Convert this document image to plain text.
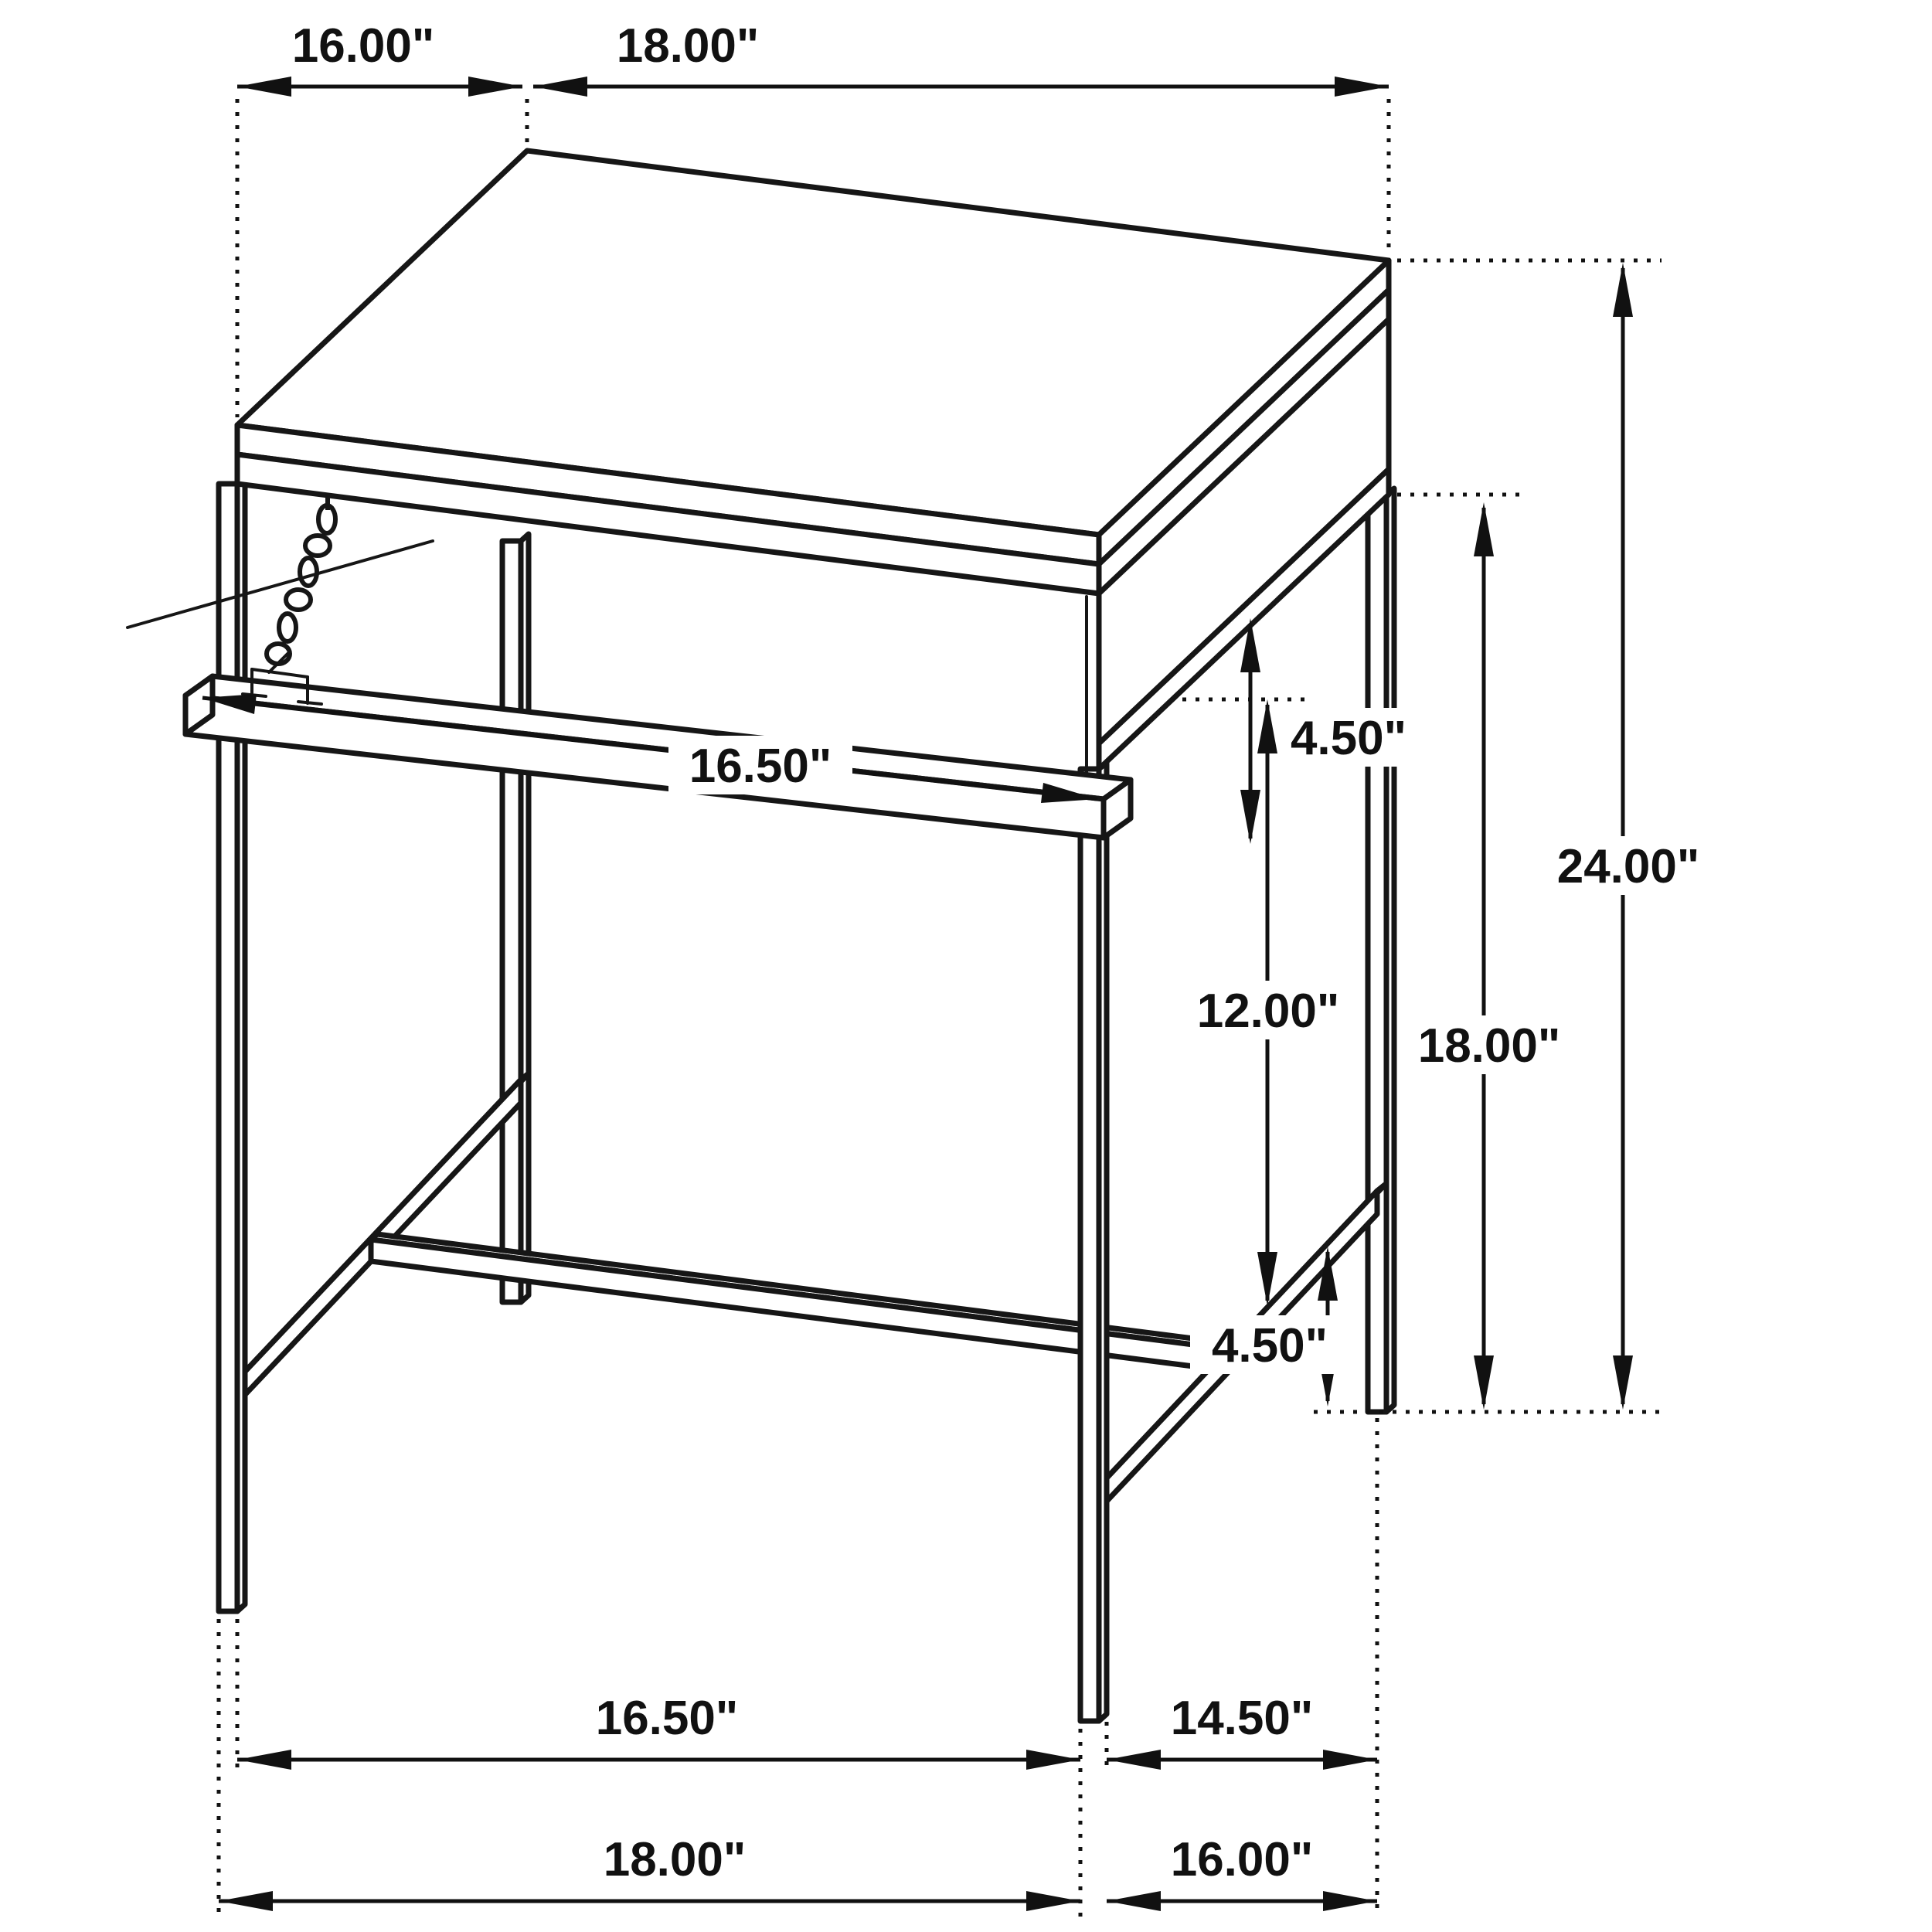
16.00"	18.00"
4.50"
16.50"
12.00"
24.00"
18.00"
4.50"
16.50"	14.50"
18.00"	16.00"
